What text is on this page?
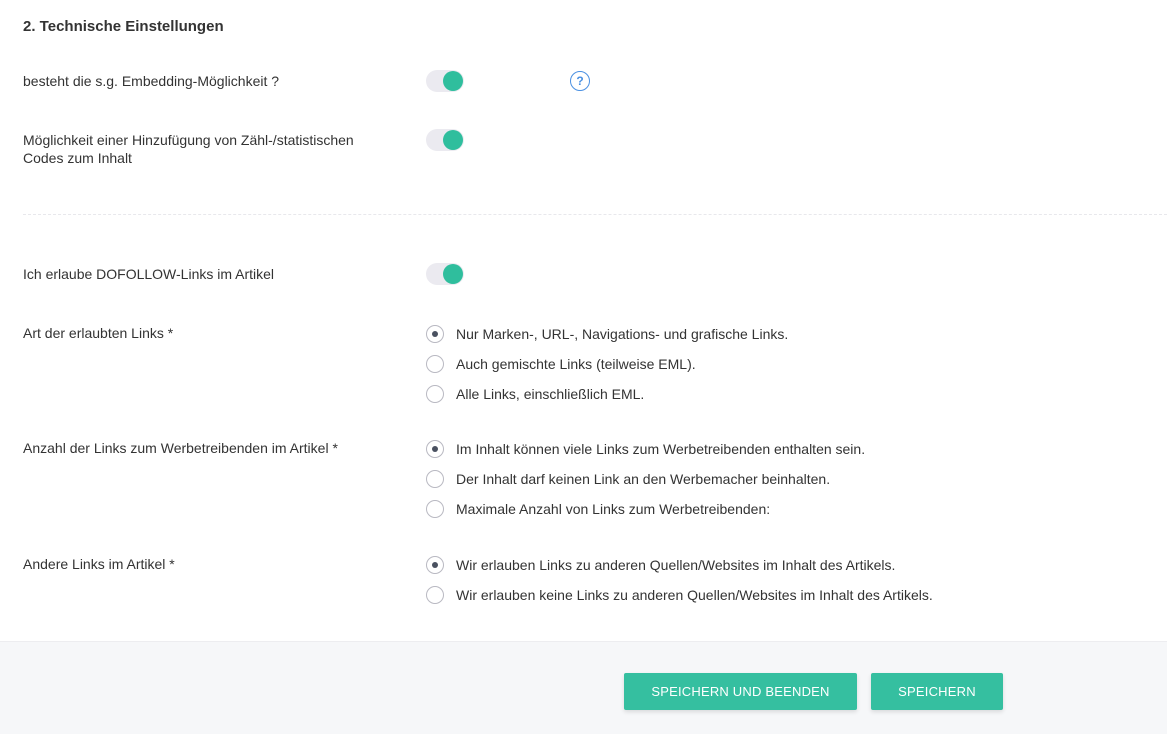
2. Technische Einstellungen
besteht die s.g. Embedding-Möglichkeit ?	?
Möglichkeit einer Hinzufügung von Zähl-/statistischen
Codes zum Inhalt
Ich erlaube DOFOLLOW-Links im Artikel
Art der erlaubten Links *	Nur Marken-, URL-, Navigations- und grafische Links.
Auch gemischte Links (teilweise EML).
Alle Links, einschließlich EML.
Anzahl der Links zum Werbetreibenden im Artikel *	Im Inhalt können viele Links zum Werbetreibenden enthalten sein.
Der Inhalt darf keinen Link an den Werbemacher beinhalten.
Maximale Anzahl von Links zum Werbetreibenden:
Andere Links im Artikel *	Wir erlauben Links zu anderen Quellen/Websites im Inhalt des Artikels.
Wir erlauben keine Links zu anderen Quellen/Websites im Inhalt des Artikels.
SPEICHERN UND BEENDEN	SPEICHERN
